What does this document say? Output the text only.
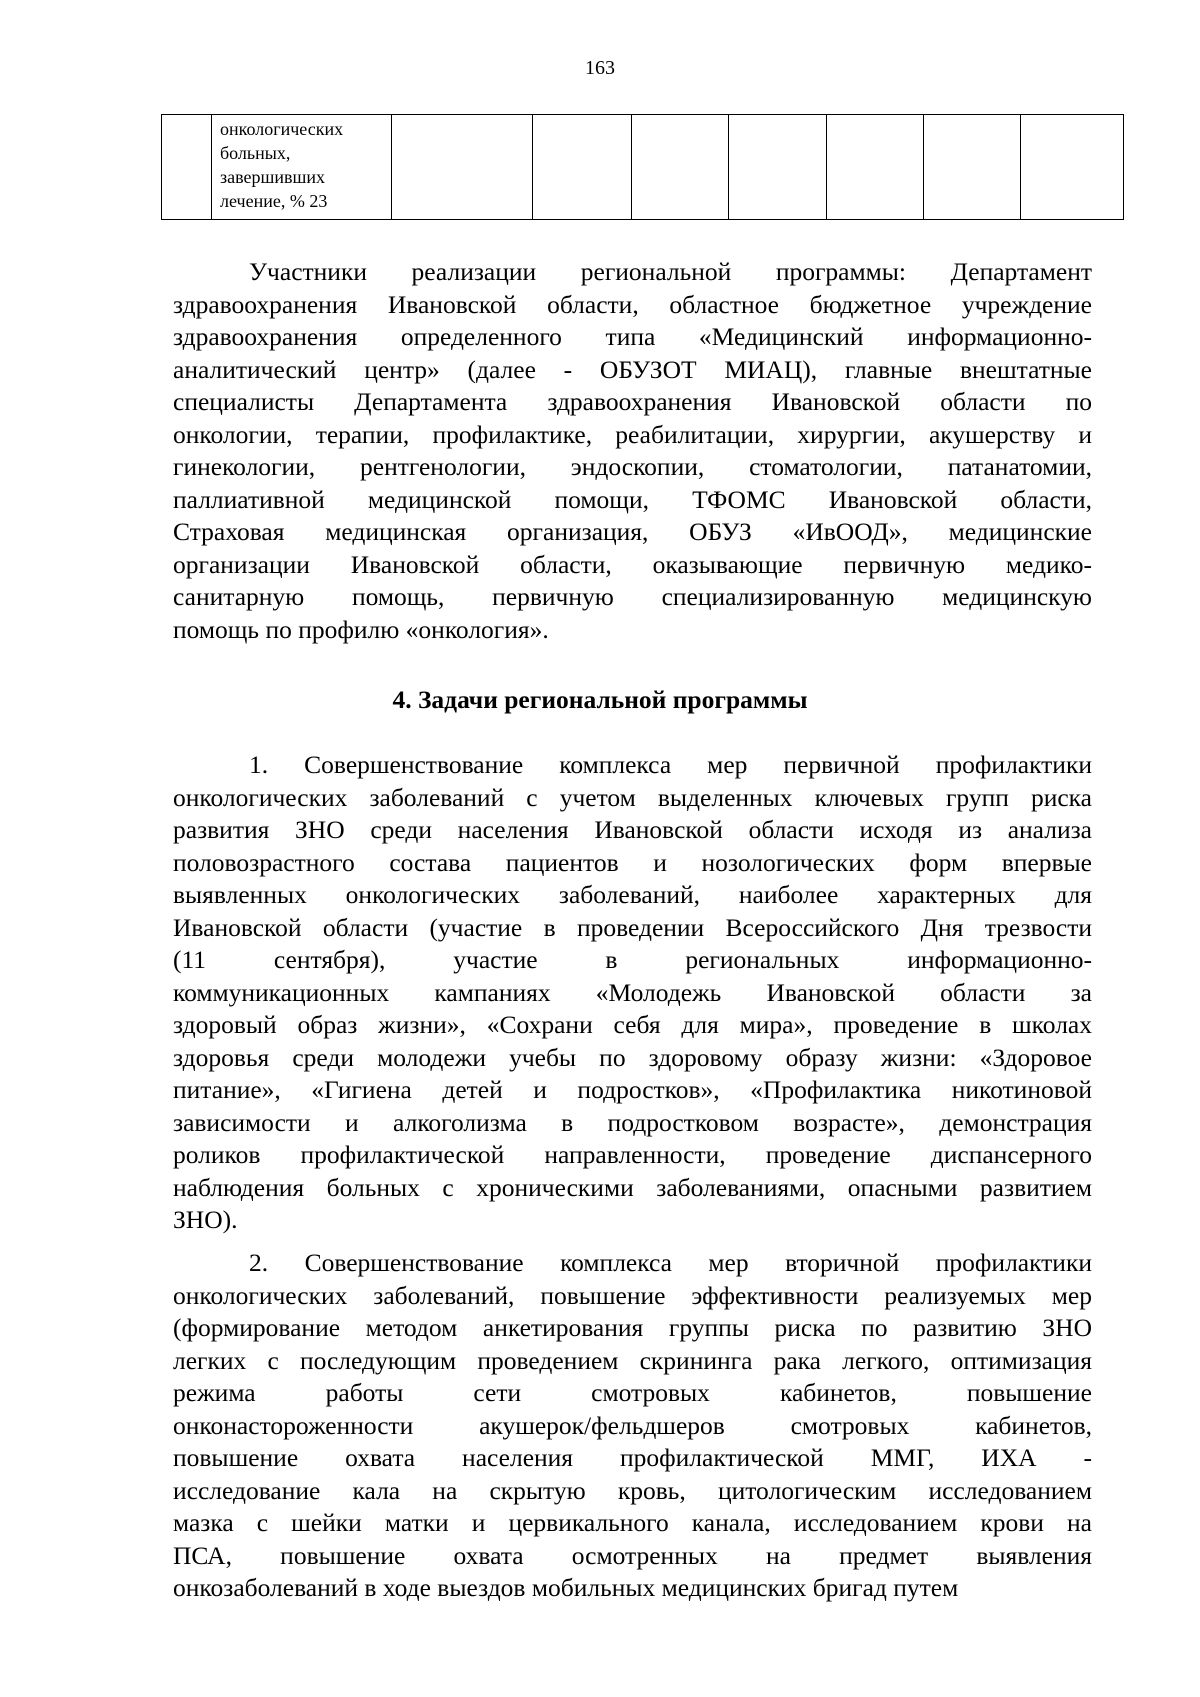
163

онкологических
больных,
завершивших
лечение, % 23

Участники реализации региональной программы: Департамент
здравоохранения Ивановской области, областное бюджетное учреждение
здравоохранения определенного типа «Медицинский информационно-
аналитический центр» (далее - ОБУЗОТ МИАЦ), главные внештатные
специалисты Департамента здравоохранения Ивановской области по
онкологии, терапии, профилактике, реабилитации, хирургии, акушерству и
гинекологии, рентгенологии, эндоскопии, стоматологии, патанатомии,
паллиативной медицинской помощи, ТФОМС Ивановской области,
Страховая медицинская организация, ОБУЗ «ИвООД», медицинские
организации Ивановской области, оказывающие первичную медико-
санитарную помощь, первичную специализированную медицинскую
помощь по профилю «онкология».
4. Задачи региональной программы
1. Совершенствование комплекса мер первичной профилактики
онкологических заболеваний с учетом выделенных ключевых групп риска
развития ЗНО среди населения Ивановской области исходя из анализа
половозрастного состава пациентов и нозологических форм впервые
выявленных онкологических заболеваний, наиболее характерных для
Ивановской области (участие в проведении Всероссийского Дня трезвости
(11 сентября), участие в региональных информационно-
коммуникационных кампаниях «Молодежь Ивановской области за
здоровый образ жизни», «Сохрани себя для мира», проведение в школах
здоровья среди молодежи учебы по здоровому образу жизни: «Здоровое
питание», «Гигиена детей и подростков», «Профилактика никотиновой
зависимости и алкоголизма в подростковом возрасте», демонстрация
роликов профилактической направленности, проведение диспансерного
наблюдения больных с хроническими заболеваниями, опасными развитием
ЗНО).
2. Совершенствование комплекса мер вторичной профилактики
онкологических заболеваний, повышение эффективности реализуемых мер
(формирование методом анкетирования группы риска по развитию ЗНО
легких с последующим проведением скрининга рака легкого, оптимизация
режима работы сети смотровых кабинетов, повышение
онконастороженности акушерок/фельдшеров смотровых кабинетов,
повышение охвата населения профилактической ММГ, ИХА -
исследование кала на скрытую кровь, цитологическим исследованием
мазка с шейки матки и цервикального канала, исследованием крови на
ПСА, повышение охвата осмотренных на предмет выявления
онкозаболеваний в ходе выездов мобильных медицинских бригад путем
